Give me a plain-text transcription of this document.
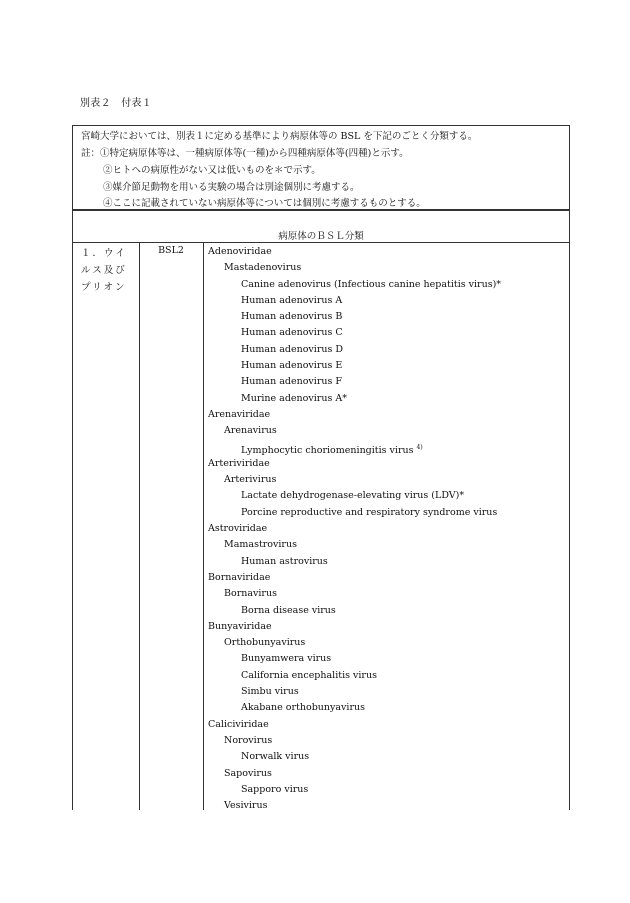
別表２　付表１
宮崎大学においては、別表１に定める基準により病原体等の BSL を下記のごとく分類する。
註：①特定病原体等は、一種病原体等(一種)から四種病原体等(四種)と示す。
②ヒトへの病原性がない又は低いものを＊で示す。
③媒介節足動物を用いる実験の場合は別途個別に考慮する。
④ここに記載されていない病原体等については個別に考慮するものとする。
病原体のＢＳＬ分類
１．ウイルス及びプリオン
BSL2	Adenoviridae
Mastadenovirus
Canine adenovirus (Infectious canine hepatitis virus)*
Human adenovirus A
Human adenovirus B
Human adenovirus C
Human adenovirus D
Human adenovirus E
Human adenovirus F
Murine adenovirus A*
Arenaviridae
Arenavirus
Lymphocytic choriomeningitis virus $^{4)}$
Arteriviridae
Arterivirus
Lactate dehydrogenase-elevating virus (LDV)*
Porcine reproductive and respiratory syndrome virus
Astroviridae
Mamastrovirus
Human astrovirus
Bornaviridae
Bornavirus
Borna disease virus
Bunyaviridae
Orthobunyavirus
Bunyamwera virus
California encephalitis virus
Simbu virus
Akabane orthobunyavirus
Caliciviridae
Norovirus
Norwalk virus
Sapovirus
Sapporo virus
Vesivirus
